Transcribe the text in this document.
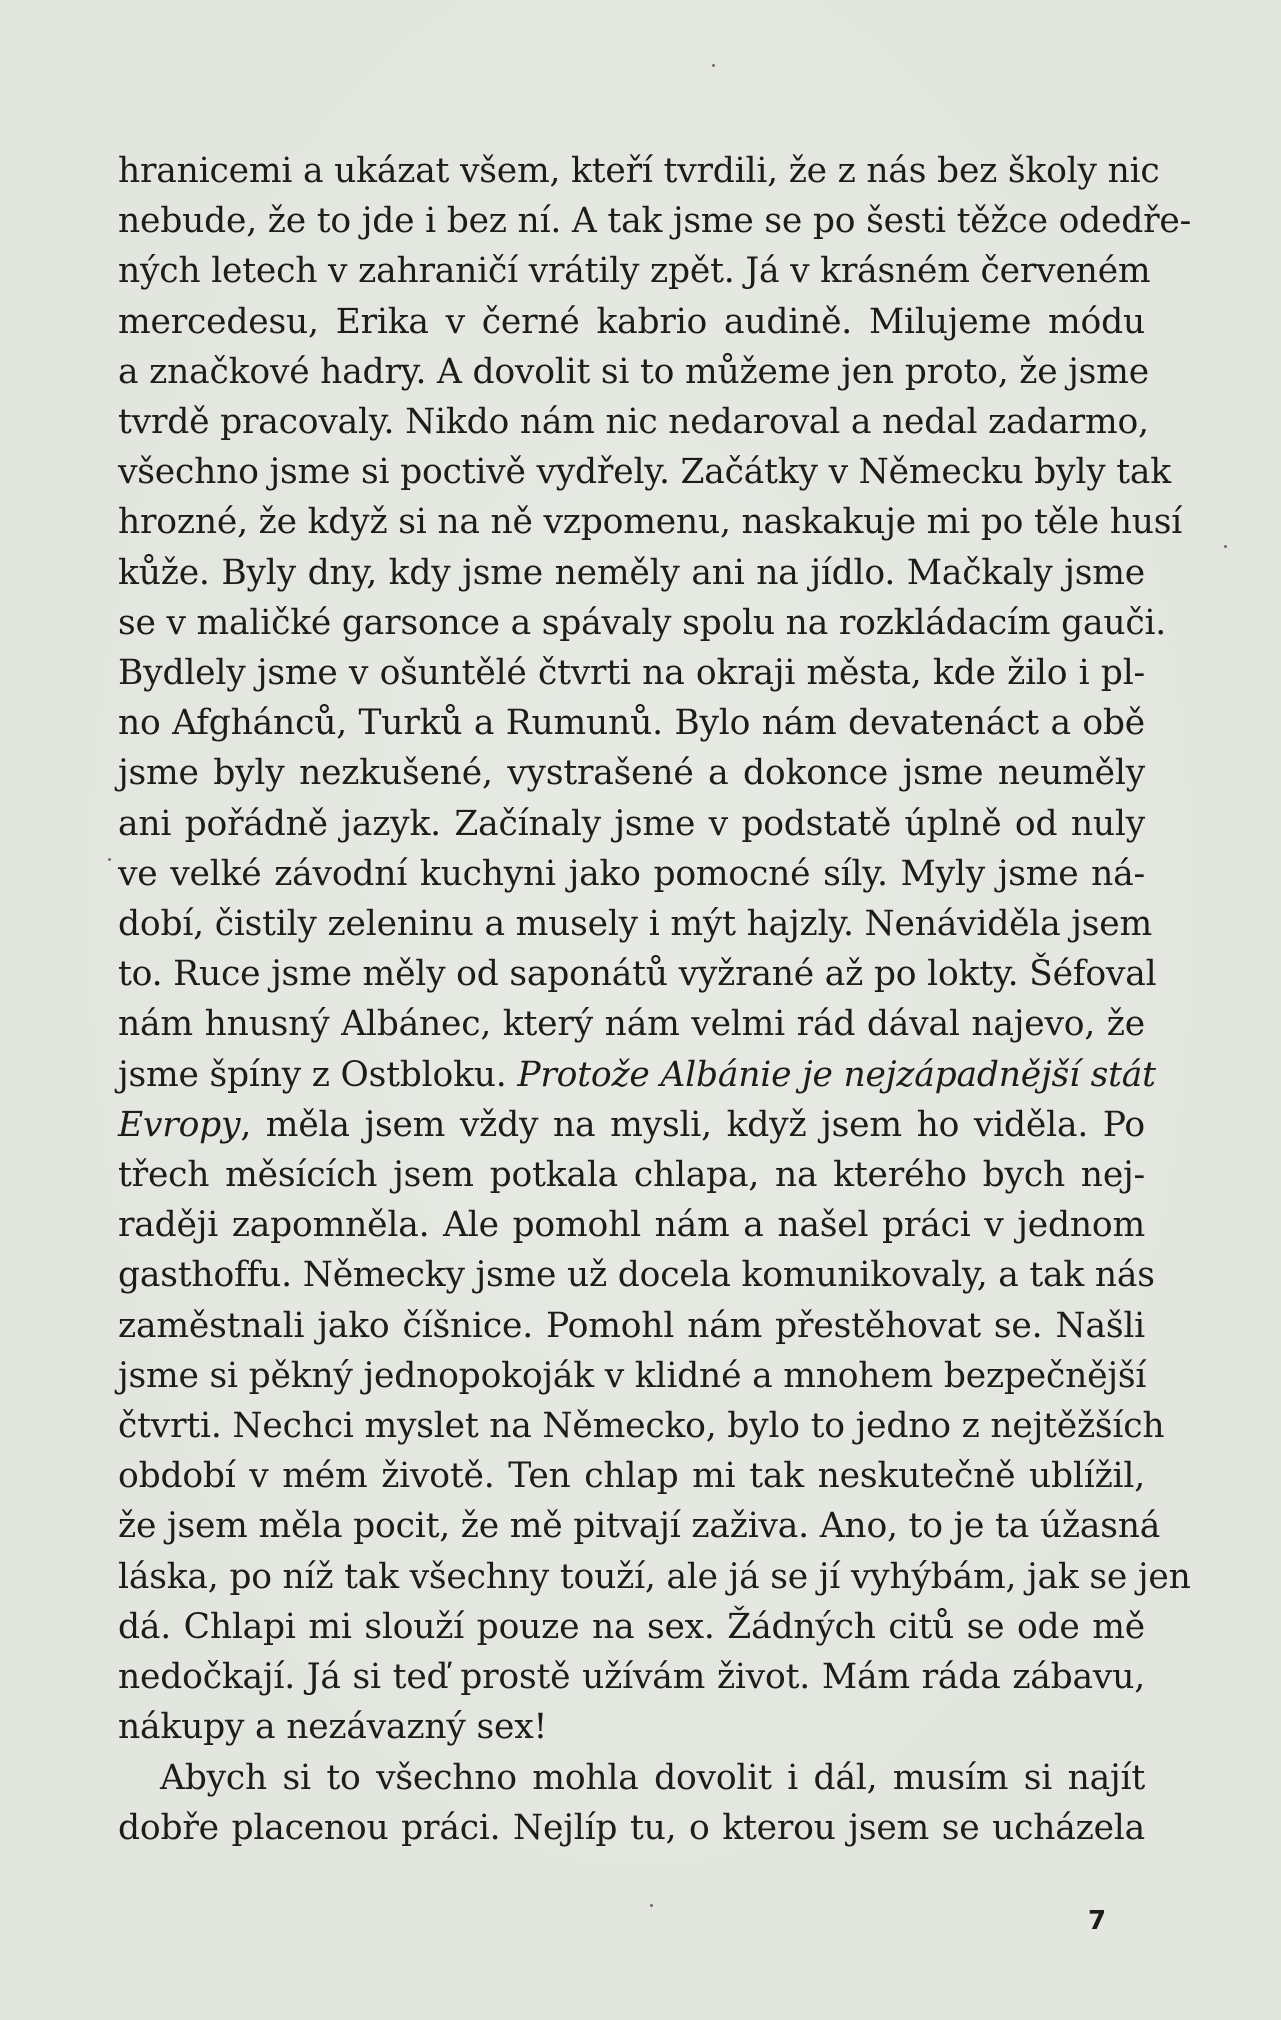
hranicemi a ukázat všem, kteří tvrdili, že z nás bez školy nic
nebude, že to jde i bez ní. A tak jsme se po šesti těžce odedře-
ných letech v zahraničí vrátily zpět. Já v krásném červeném
mercedesu, Erika v černé kabrio audině. Milujeme módu
a značkové hadry. A dovolit si to můžeme jen proto, že jsme
tvrdě pracovaly. Nikdo nám nic nedaroval a nedal zadarmo,
všechno jsme si poctivě vydřely. Začátky v Německu byly tak
hrozné, že když si na ně vzpomenu, naskakuje mi po těle husí
kůže. Byly dny, kdy jsme neměly ani na jídlo. Mačkaly jsme
se v maličké garsonce a spávaly spolu na rozkládacím gauči.
Bydlely jsme v ošuntělé čtvrti na okraji města, kde žilo i pl-
no Afghánců, Turků a Rumunů. Bylo nám devatenáct a obě
jsme byly nezkušené, vystrašené a dokonce jsme neuměly
ani pořádně jazyk. Začínaly jsme v podstatě úplně od nuly
ve velké závodní kuchyni jako pomocné síly. Myly jsme ná-
dobí, čistily zeleninu a musely i mýt hajzly. Nenáviděla jsem
to. Ruce jsme měly od saponátů vyžrané až po lokty. Šéfoval
nám hnusný Albánec, který nám velmi rád dával najevo, že
jsme špíny z Ostbloku. Protože Albánie je nejzápadnější stát
Evropy, měla jsem vždy na mysli, když jsem ho viděla. Po
třech měsících jsem potkala chlapa, na kterého bych nej-
raději zapomněla. Ale pomohl nám a našel práci v jednom
gasthoffu. Německy jsme už docela komunikovaly, a tak nás
zaměstnali jako číšnice. Pomohl nám přestěhovat se. Našli
jsme si pěkný jednopokoják v klidné a mnohem bezpečnější
čtvrti. Nechci myslet na Německo, bylo to jedno z nejtěžších
období v mém životě. Ten chlap mi tak neskutečně ublížil,
že jsem měla pocit, že mě pitvají zaživa. Ano, to je ta úžasná
láska, po níž tak všechny touží, ale já se jí vyhýbám, jak se jen
dá. Chlapi mi slouží pouze na sex. Žádných citů se ode mě
nedočkají. Já si teď prostě užívám život. Mám ráda zábavu,
nákupy a nezávazný sex!

Abych si to všechno mohla dovolit i dál, musím si najít
dobře placenou práci. Nejlíp tu, o kterou jsem se ucházela

7
